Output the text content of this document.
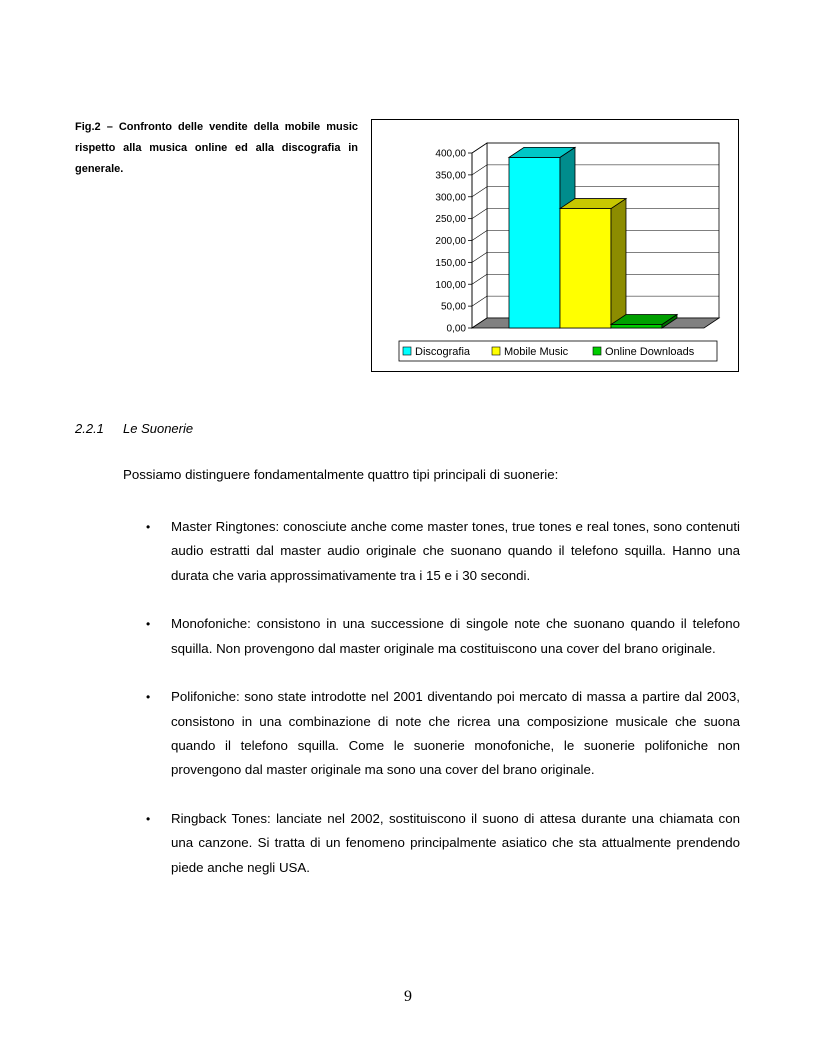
Fig.2 – Confronto delle vendite della mobile music rispetto alla musica online ed alla discografia in generale.
0,00
50,00
100,00
150,00
200,00
250,00
300,00
350,00
400,00
Discografia	Mobile Music	Online Downloads
2.2.1 Le Suonerie
Possiamo distinguere fondamentalmente quattro tipi principali di suonerie:
• Master Ringtones: conosciute anche come master tones, true tones e real tones, sono contenuti audio estratti dal master audio originale che suonano quando il telefono squilla. Hanno una durata che varia approssimativamente tra i 15 e i 30 secondi.
• Monofoniche: consistono in una successione di singole note che suonano quando il telefono squilla. Non provengono dal master originale ma costituiscono una cover del brano originale.
• Polifoniche: sono state introdotte nel 2001 diventando poi mercato di massa a partire dal 2003, consistono in una combinazione di note che ricrea una composizione musicale che suona quando il telefono squilla. Come le suonerie monofoniche, le suonerie polifoniche non provengono dal master originale ma sono una cover del brano originale.
• Ringback Tones: lanciate nel 2002, sostituiscono il suono di attesa durante una chiamata con una canzone. Si tratta di un fenomeno principalmente asiatico che sta attualmente prendendo piede anche negli USA.
9
